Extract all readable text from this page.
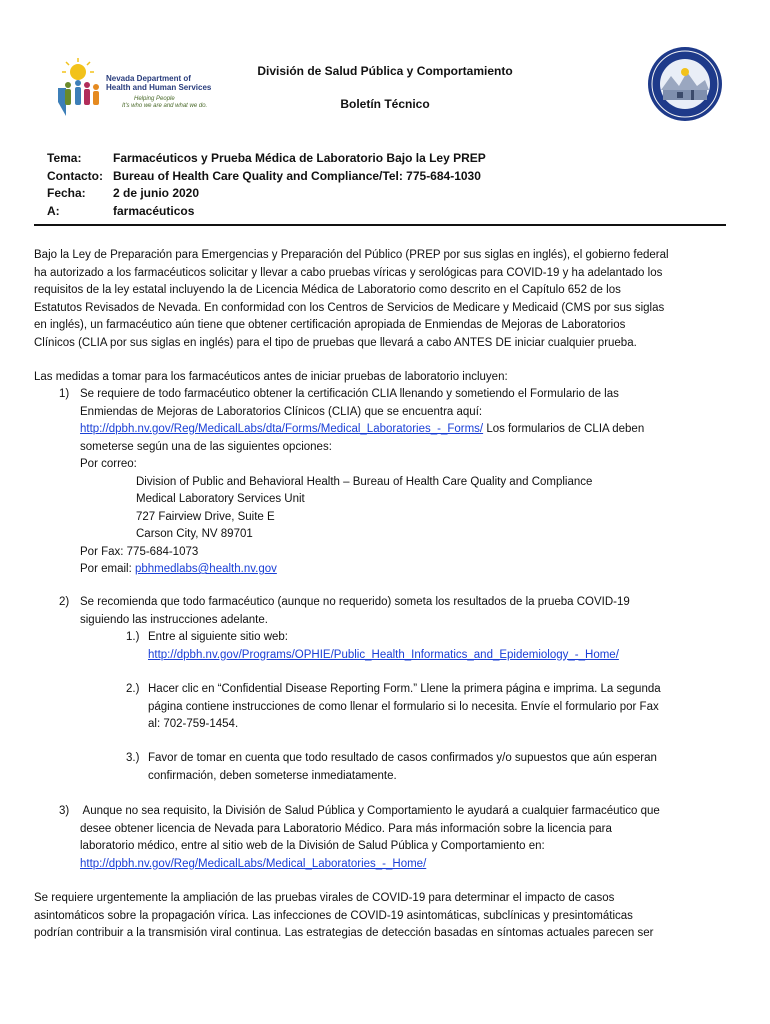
Nevada Department of
Health and Human Services
Helping People
It's who we are and what we do.
División de Salud Pública y Comportamiento
Boletín Técnico
Tema:	Farmacéuticos y Prueba Médica de Laboratorio Bajo la Ley PREP
Contacto: Bureau of Health Care Quality and Compliance/Tel: 775-684-1030
Fecha:	2 de junio 2020
A:	farmacéuticos
Bajo la Ley de Preparación para Emergencias y Preparación del Público (PREP por sus siglas en inglés), el gobierno federal
ha autorizado a los farmacéuticos solicitar y llevar a cabo pruebas víricas y serológicas para COVID-19 y ha adelantado los
requisitos de la ley estatal incluyendo la de Licencia Médica de Laboratorio como descrito en el Capítulo 652 de los
Estatutos Revisados de Nevada. En conformidad con los Centros de Servicios de Medicare y Medicaid (CMS por sus siglas
en inglés), un farmacéutico aún tiene que obtener certificación apropiada de Enmiendas de Mejoras de Laboratorios
Clínicos (CLIA por sus siglas en inglés) para el tipo de pruebas que llevará a cabo ANTES DE iniciar cualquier prueba.
Las medidas a tomar para los farmacéuticos antes de iniciar pruebas de laboratorio incluyen:
1) Se requiere de todo farmacéutico obtener la certificación CLIA llenando y sometiendo el Formulario de las
Enmiendas de Mejoras de Laboratorios Clínicos (CLIA) que se encuentra aquí:
http://dpbh.nv.gov/Reg/MedicalLabs/dta/Forms/Medical_Laboratories_-_Forms/ Los formularios de CLIA deben
someterse según una de las siguientes opciones:
Por correo:
Division of Public and Behavioral Health – Bureau of Health Care Quality and Compliance
Medical Laboratory Services Unit
727 Fairview Drive, Suite E
Carson City, NV 89701
Por Fax: 775-684-1073
Por email: pbhmedlabs@health.nv.gov
2) Se recomienda que todo farmacéutico (aunque no requerido) someta los resultados de la prueba COVID-19
siguiendo las instrucciones adelante.
1.) Entre al siguiente sitio web:
http://dpbh.nv.gov/Programs/OPHIE/Public_Health_Informatics_and_Epidemiology_-_Home/
2.) Hacer clic en “Confidential Disease Reporting Form.” Llene la primera página e imprima. La segunda
página contiene instrucciones de como llenar el formulario si lo necesita. Envíe el formulario por Fax
al: 702-759-1454.
3.) Favor de tomar en cuenta que todo resultado de casos confirmados y/o supuestos que aún esperan
confirmación, deben someterse inmediatamente.
3) Aunque no sea requisito, la División de Salud Pública y Comportamiento le ayudará a cualquier farmacéutico que
desee obtener licencia de Nevada para Laboratorio Médico. Para más información sobre la licencia para
laboratorio médico, entre al sitio web de la División de Salud Pública y Comportamiento en:
http://dpbh.nv.gov/Reg/MedicalLabs/Medical_Laboratories_-_Home/
Se requiere urgentemente la ampliación de las pruebas virales de COVID-19 para determinar el impacto de casos
asintomáticos sobre la propagación vírica. Las infecciones de COVID-19 asintomáticas, subclínicas y presintomáticas
podrían contribuir a la transmisión viral continua. Las estrategias de detección basadas en síntomas actuales parecen ser
